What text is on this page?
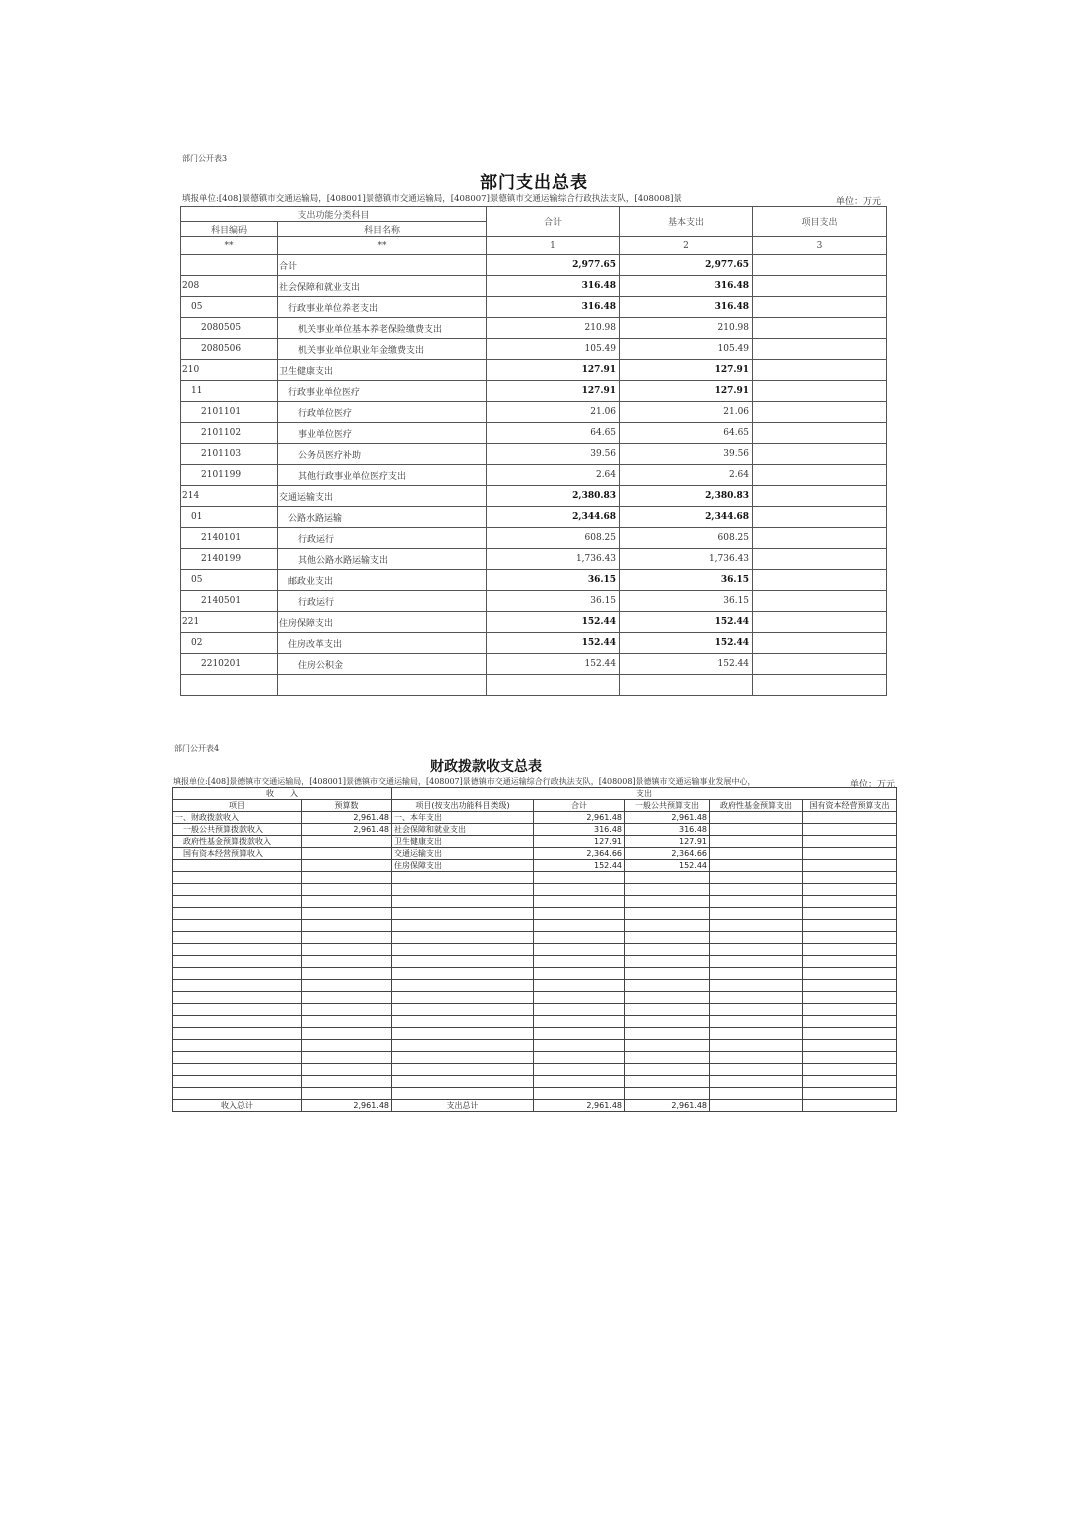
部门公开表3
部门支出总表
填报单位:[408]景德镇市交通运输局，[408001]景德镇市交通运输局，[408007]景德镇市交通运输综合行政执法支队，[408008]景	单位：万元
支出功能分类科目		合计	基本支出	项目支出
科目编码	科目名称			
**	**	1	2	3
	合计	2,977.65	2,977.65	
208	社会保障和就业支出	316.48	316.48	
05	行政事业单位养老支出	316.48	316.48	
2080505	机关事业单位基本养老保险缴费支出	210.98	210.98	
2080506	机关事业单位职业年金缴费支出	105.49	105.49	
210	卫生健康支出	127.91	127.91	
11	行政事业单位医疗	127.91	127.91	
2101101	行政单位医疗	21.06	21.06	
2101102	事业单位医疗	64.65	64.65	
2101103	公务员医疗补助	39.56	39.56	
2101199	其他行政事业单位医疗支出	2.64	2.64	
214	交通运输支出	2,380.83	2,380.83	
01	公路水路运输	2,344.68	2,344.68	
2140101	行政运行	608.25	608.25	
2140199	其他公路水路运输支出	1,736.43	1,736.43	
05	邮政业支出	36.15	36.15	
2140501	行政运行	36.15	36.15	
221	住房保障支出	152.44	152.44	
02	住房改革支出	152.44	152.44	
2210201	住房公积金	152.44	152.44	

部门公开表4
财政拨款收支总表
填报单位:[408]景德镇市交通运输局，[408001]景德镇市交通运输局，[408007]景德镇市交通运输综合行政执法支队，[408008]景德镇市交通运输事业发展中心，	单位：万元
收　　入		支出				
项目	预算数	项目(按支出功能科目类级)	合计	一般公共预算支出	政府性基金预算支出	国有资本经营预算支出
一、财政拨款收入	2,961.48	一、本年支出	2,961.48	2,961.48		
　一般公共预算拨款收入	2,961.48	社会保障和就业支出	316.48	316.48		
　政府性基金预算拨款收入		卫生健康支出	127.91	127.91		
　国有资本经营预算收入		交通运输支出	2,364.66	2,364.66		
		住房保障支出	152.44	152.44		

收入总计	2,961.48	支出总计	2,961.48	2,961.48		
